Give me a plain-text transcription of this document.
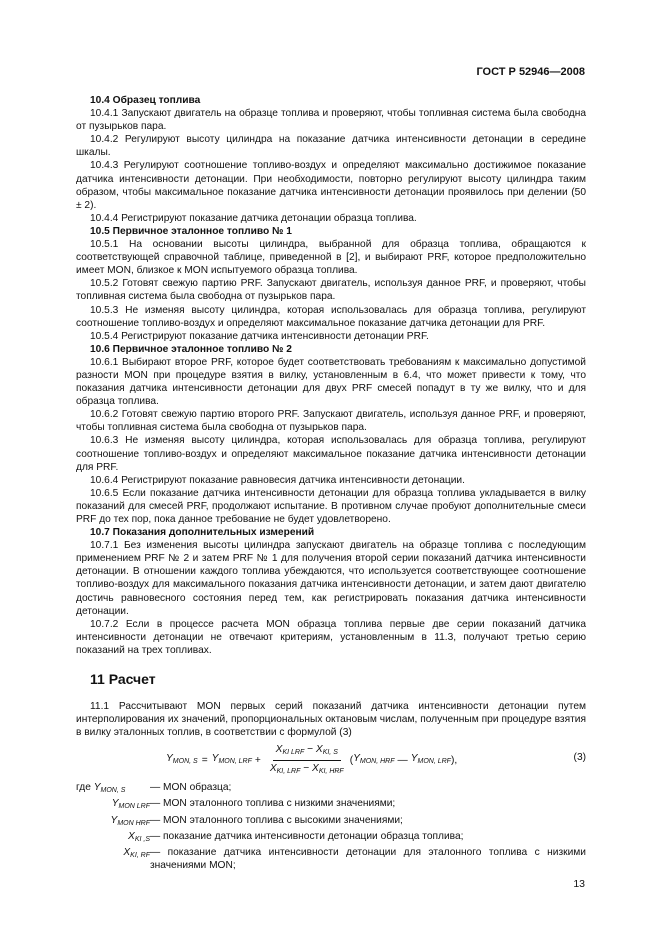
ГОСТ Р 52946—2008

10.4 Образец топлива

10.4.1 Запускают двигатель на образце топлива и проверяют, чтобы топливная система была свободна от пузырьков пара.

10.4.2 Регулируют высоту цилиндра на показание датчика интенсивности детонации в середине шкалы.

10.4.3 Регулируют соотношение топливо-воздух и определяют максимально достижимое показание датчика интенсивности детонации. При необходимости, повторно регулируют высоту цилиндра таким образом, чтобы максимальное показание датчика интенсивности детонации проявилось при делении (50 ± 2).

10.4.4 Регистрируют показание датчика детонации образца топлива.

10.5 Первичное эталонное топливо № 1

10.5.1 На основании высоты цилиндра, выбранной для образца топлива, обращаются к соответствующей справочной таблице, приведенной в [2], и выбирают PRF, которое предположительно имеет MON, близкое к MON испытуемого образца топлива.

10.5.2 Готовят свежую партию PRF. Запускают двигатель, используя данное PRF, и проверяют, чтобы топливная система была свободна от пузырьков пара.

10.5.3 Не изменяя высоту цилиндра, которая использовалась для образца топлива, регулируют соотношение топливо-воздух и определяют максимальное показание датчика детонации для PRF.

10.5.4 Регистрируют показание датчика интенсивности детонации PRF.

10.6 Первичное эталонное топливо № 2

10.6.1 Выбирают второе PRF, которое будет соответствовать требованиям к максимально допустимой разности MON при процедуре взятия в вилку, установленным в 6.4, что может привести к тому, что показания датчика интенсивности детонации для двух PRF смесей попадут в ту же вилку, что и для образца топлива.

10.6.2 Готовят свежую партию второго PRF. Запускают двигатель, используя данное PRF, и проверяют, чтобы топливная система была свободна от пузырьков пара.

10.6.3 Не изменяя высоту цилиндра, которая использовалась для образца топлива, регулируют соотношение топливо-воздух и определяют максимальное показание датчика интенсивности детонации для PRF.

10.6.4 Регистрируют показание равновесия датчика интенсивности детонации.

10.6.5 Если показание датчика интенсивности детонации для образца топлива укладывается в вилку показаний для смесей PRF, продолжают испытание. В противном случае пробуют дополнительные смеси PRF до тех пор, пока данное требование не будет удовлетворено.

10.7 Показания дополнительных измерений

10.7.1 Без изменения высоты цилиндра запускают двигатель на образце топлива с последующим применением PRF № 2 и затем PRF № 1 для получения второй серии показаний датчика интенсивности детонации. В отношении каждого топлива убеждаются, что используется соответствующее соотношение топливо-воздух для максимального показания датчика интенсивности детонации, и затем дают двигателю достичь равновесного состояния перед тем, как регистрировать показания датчика интенсивности детонации.

10.7.2 Если в процессе расчета MON образца топлива первые две серии показаний датчика интенсивности детонации не отвечают критериям, установленным в 11.3, получают третью серию показаний на трех топливах.

11 Расчет

11.1 Рассчитывают MON первых серий показаний датчика интенсивности детонации путем интерполирования их значений, пропорциональных октановым числам, полученным при процедуре взятия в вилку эталонных топлив, в соответствии с формулой (3)

$Y_{MON, S} = Y_{MON, LRF} + \frac{X_{KI LRF} - X_{KI, S}}{X_{KI, LRF} - X_{KI, HRF}}$ ( $Y_{MON, HRF}$ — $Y_{MON, LRF}$ ),	(3)
где $Y_{MON, S}$	— MON образца;
$Y_{MON LRF}$ — MON эталонного топлива с низкими значениями;
$Y_{MON HRF}$ — MON эталонного топлива с высокими значениями;
$X_{KI ,S}$ — показание датчика интенсивности детонации образца топлива;
$X_{KI, RF}$ — показание датчика интенсивности детонации для эталонного топлива с низкими значениями MON;
13
